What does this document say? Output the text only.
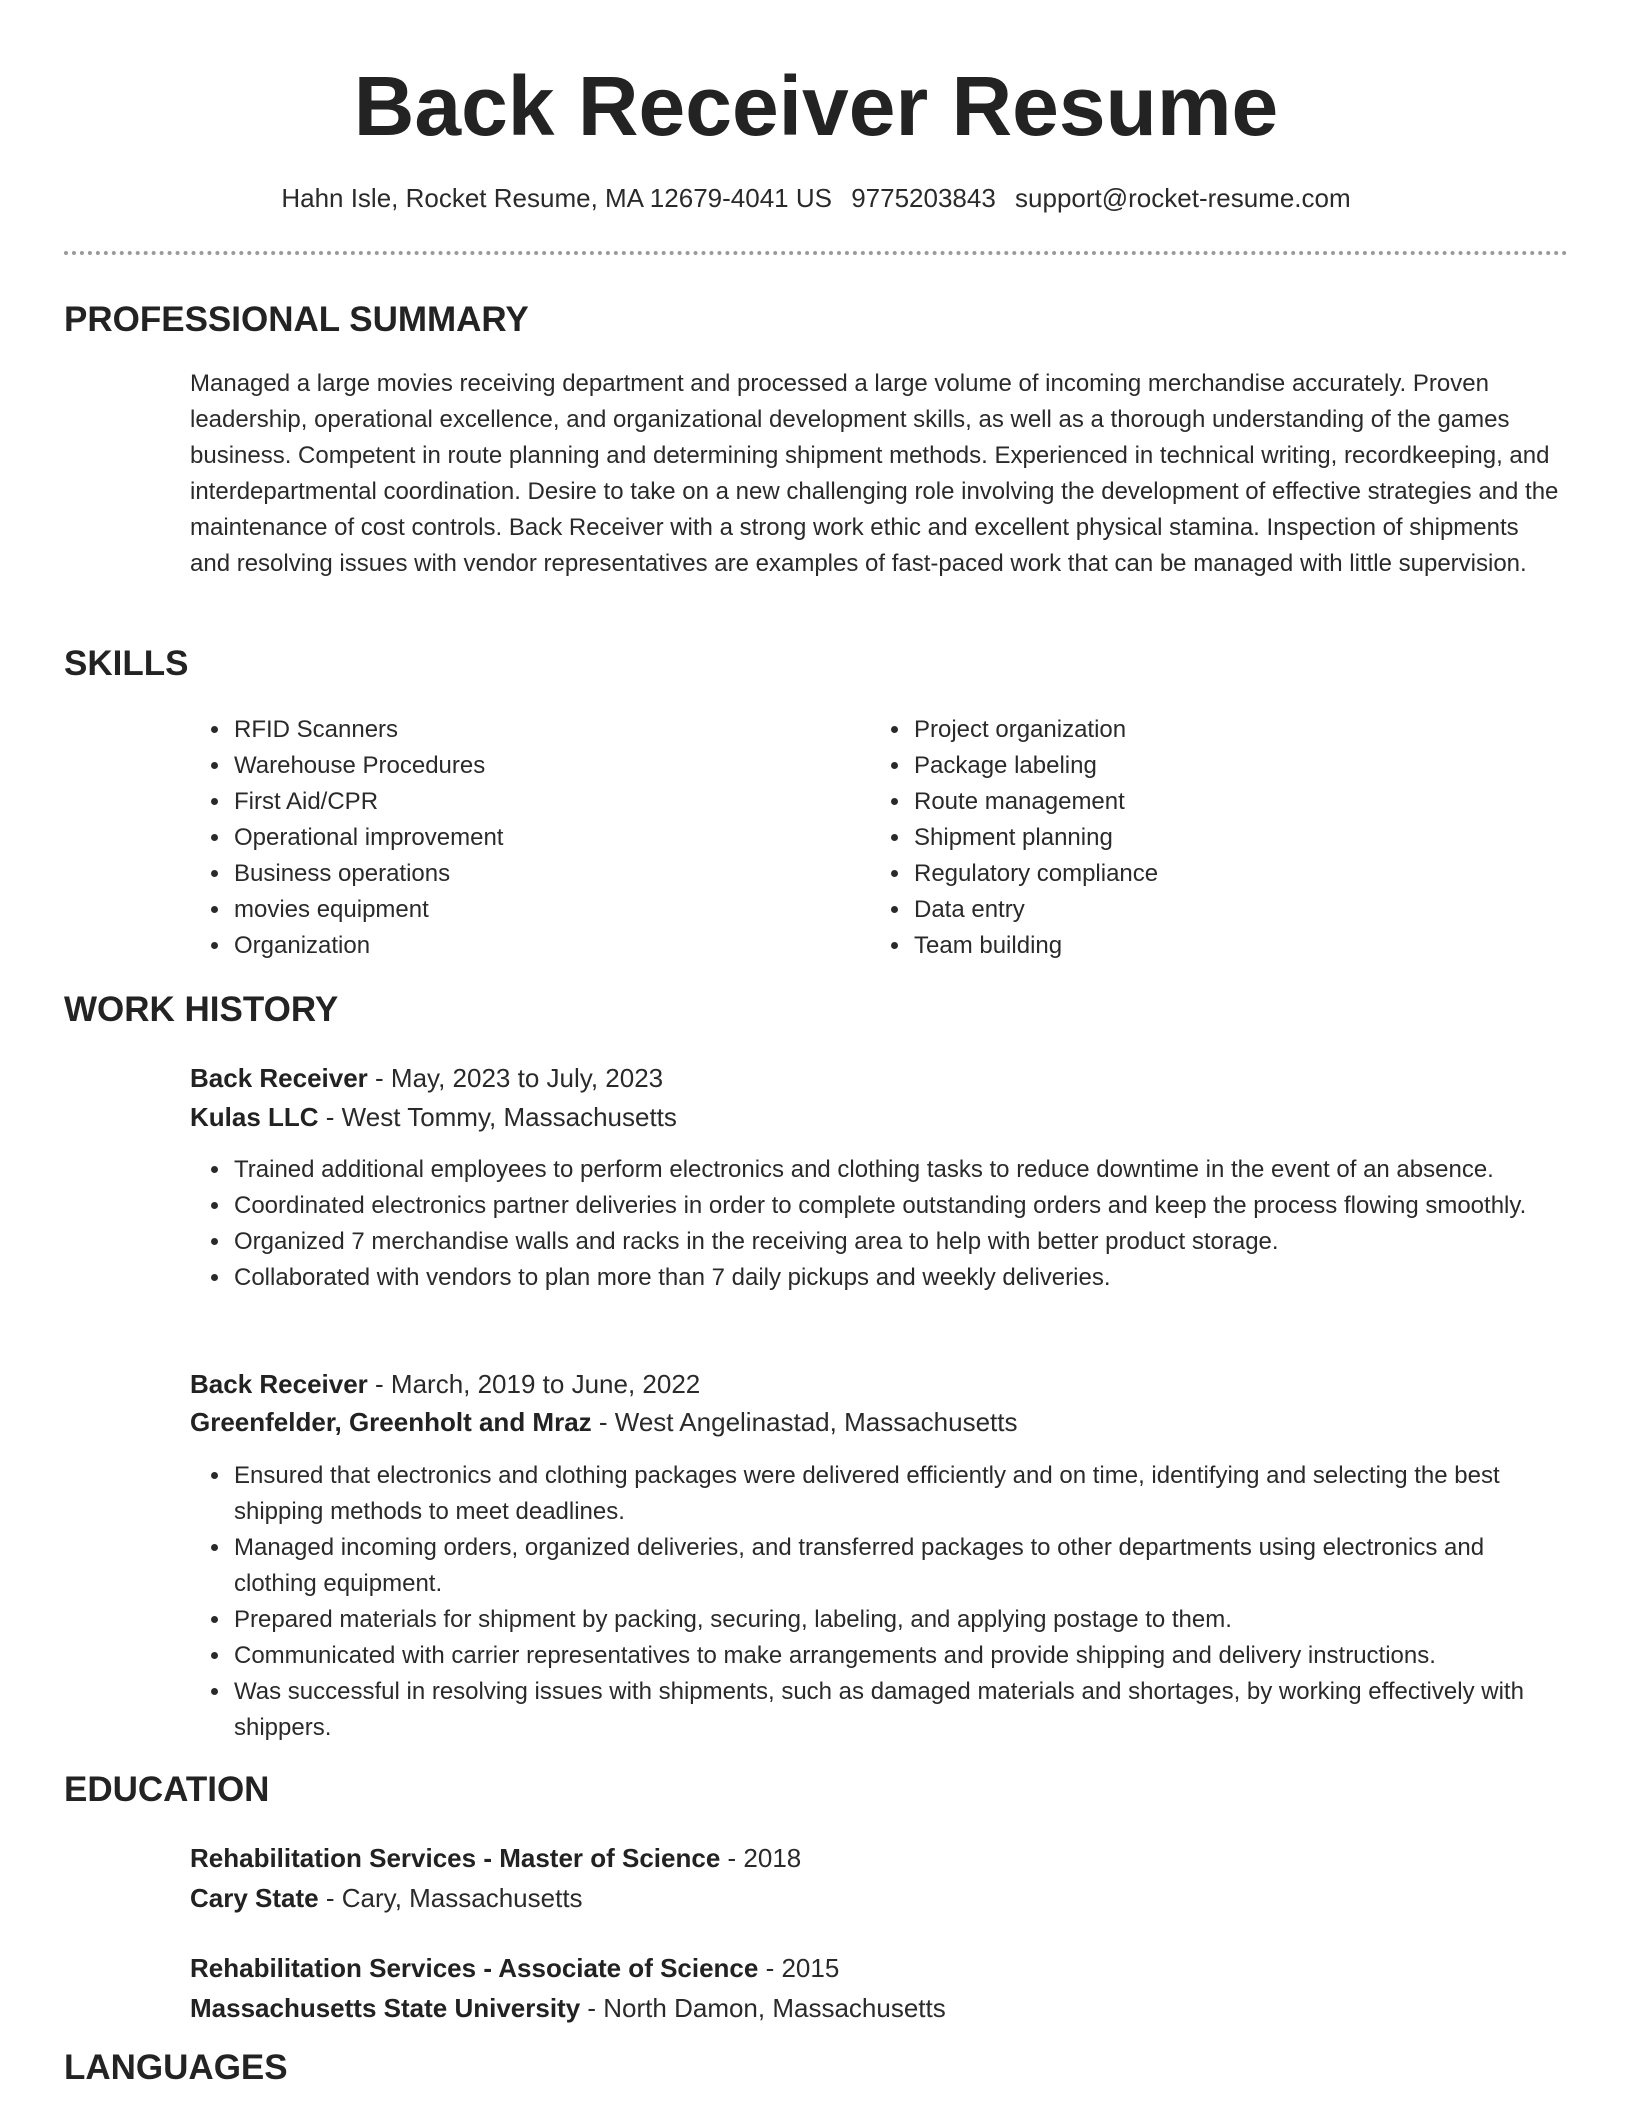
Back Receiver Resume
Hahn Isle, Rocket Resume, MA 12679-4041 US 9775203843 support@rocket-resume.com
PROFESSIONAL SUMMARY

Managed a large movies receiving department and processed a large volume of incoming merchandise accurately. Proven leadership, operational excellence, and organizational development skills, as well as a thorough understanding of the games business. Competent in route planning and determining shipment methods. Experienced in technical writing, recordkeeping, and interdepartmental coordination. Desire to take on a new challenging role involving the development of effective strategies and the maintenance of cost controls. Back Receiver with a strong work ethic and excellent physical stamina. Inspection of shipments and resolving issues with vendor representatives are examples of fast-paced work that can be managed with little supervision.

SKILLS
• RFID Scanners
• Warehouse Procedures
• First Aid/CPR
• Operational improvement
• Business operations
• movies equipment
• Organization
• Project organization
• Package labeling
• Route management
• Shipment planning
• Regulatory compliance
• Data entry
• Team building
WORK HISTORY
Back Receiver - May, 2023 to July, 2023
Kulas LLC - West Tommy, Massachusetts
• Trained additional employees to perform electronics and clothing tasks to reduce downtime in the event of an absence.
• Coordinated electronics partner deliveries in order to complete outstanding orders and keep the process flowing smoothly.
• Organized 7 merchandise walls and racks in the receiving area to help with better product storage.
• Collaborated with vendors to plan more than 7 daily pickups and weekly deliveries.
Back Receiver - March, 2019 to June, 2022
Greenfelder, Greenholt and Mraz - West Angelinastad, Massachusetts
• Ensured that electronics and clothing packages were delivered efficiently and on time, identifying and selecting the best shipping methods to meet deadlines.
• Managed incoming orders, organized deliveries, and transferred packages to other departments using electronics and clothing equipment.
• Prepared materials for shipment by packing, securing, labeling, and applying postage to them.
• Communicated with carrier representatives to make arrangements and provide shipping and delivery instructions.
• Was successful in resolving issues with shipments, such as damaged materials and shortages, by working effectively with shippers.
EDUCATION
Rehabilitation Services - Master of Science - 2018
Cary State - Cary, Massachusetts
Rehabilitation Services - Associate of Science - 2015
Massachusetts State University - North Damon, Massachusetts
LANGUAGES
